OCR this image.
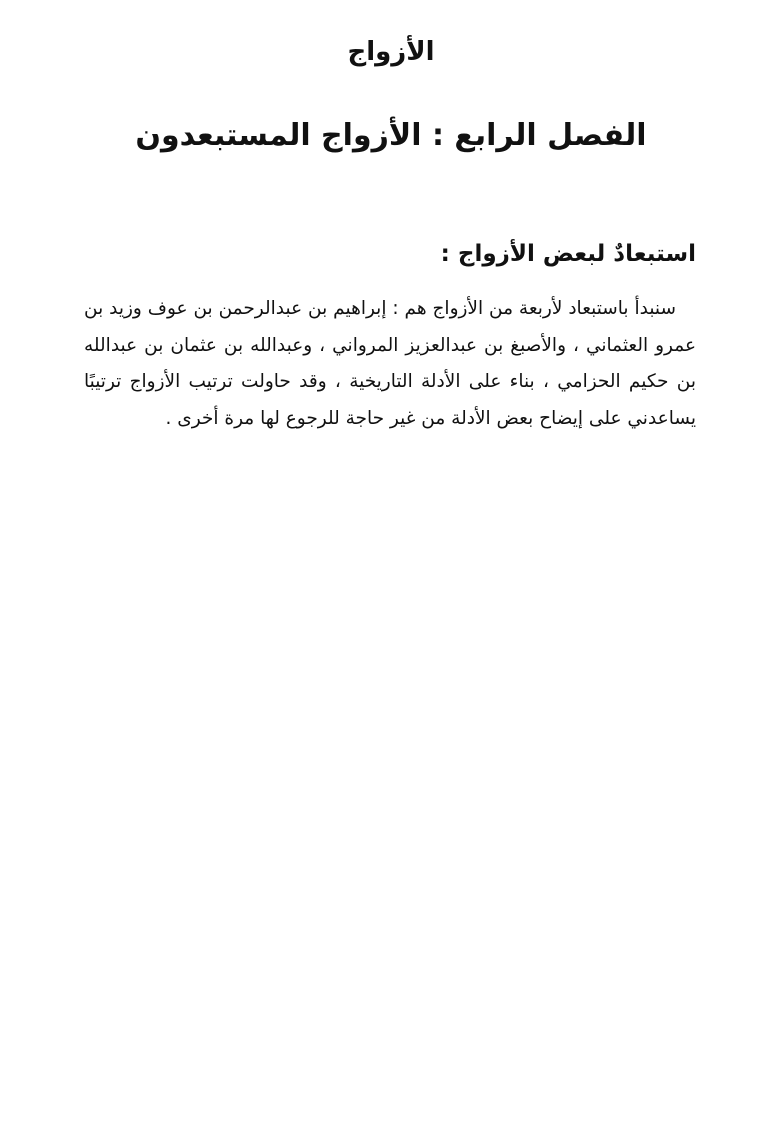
الأزواج
الفصل الرابع : الأزواج المستبعدون
استبعادٌ لبعض الأزواج :

سنبدأ باستبعاد لأربعة من الأزواج هم : إبراهيم بن عبدالرحمن بن عوف وزيد بن عمرو العثماني ، والأصبغ بن عبدالعزيز المرواني ، وعبدالله بن عثمان بن عبدالله بن حكيم الحزامي ، بناء على الأدلة التاريخية ، وقد حاولت ترتيب الأزواج ترتيبًا يساعدني على إيضاح بعض الأدلة من غير حاجة للرجوع لها مرة أخرى .
